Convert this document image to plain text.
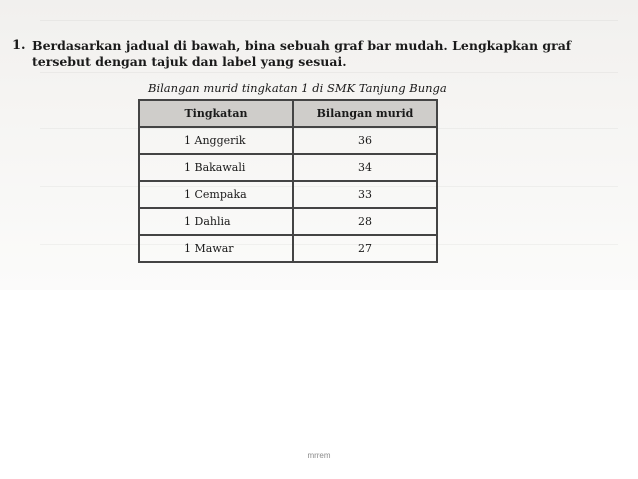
1. Berdasarkan jadual di bawah, bina sebuah graf bar mudah. Lengkapkan graf tersebut dengan tajuk dan label yang sesuai.
Bilangan murid tingkatan 1 di SMK Tanjung Bunga
Tingkatan	Bilangan murid
1 Anggerik	36
1 Bakawali	34
1 Cempaka	33
1 Dahlia	28
1 Mawar	27
mrrem
